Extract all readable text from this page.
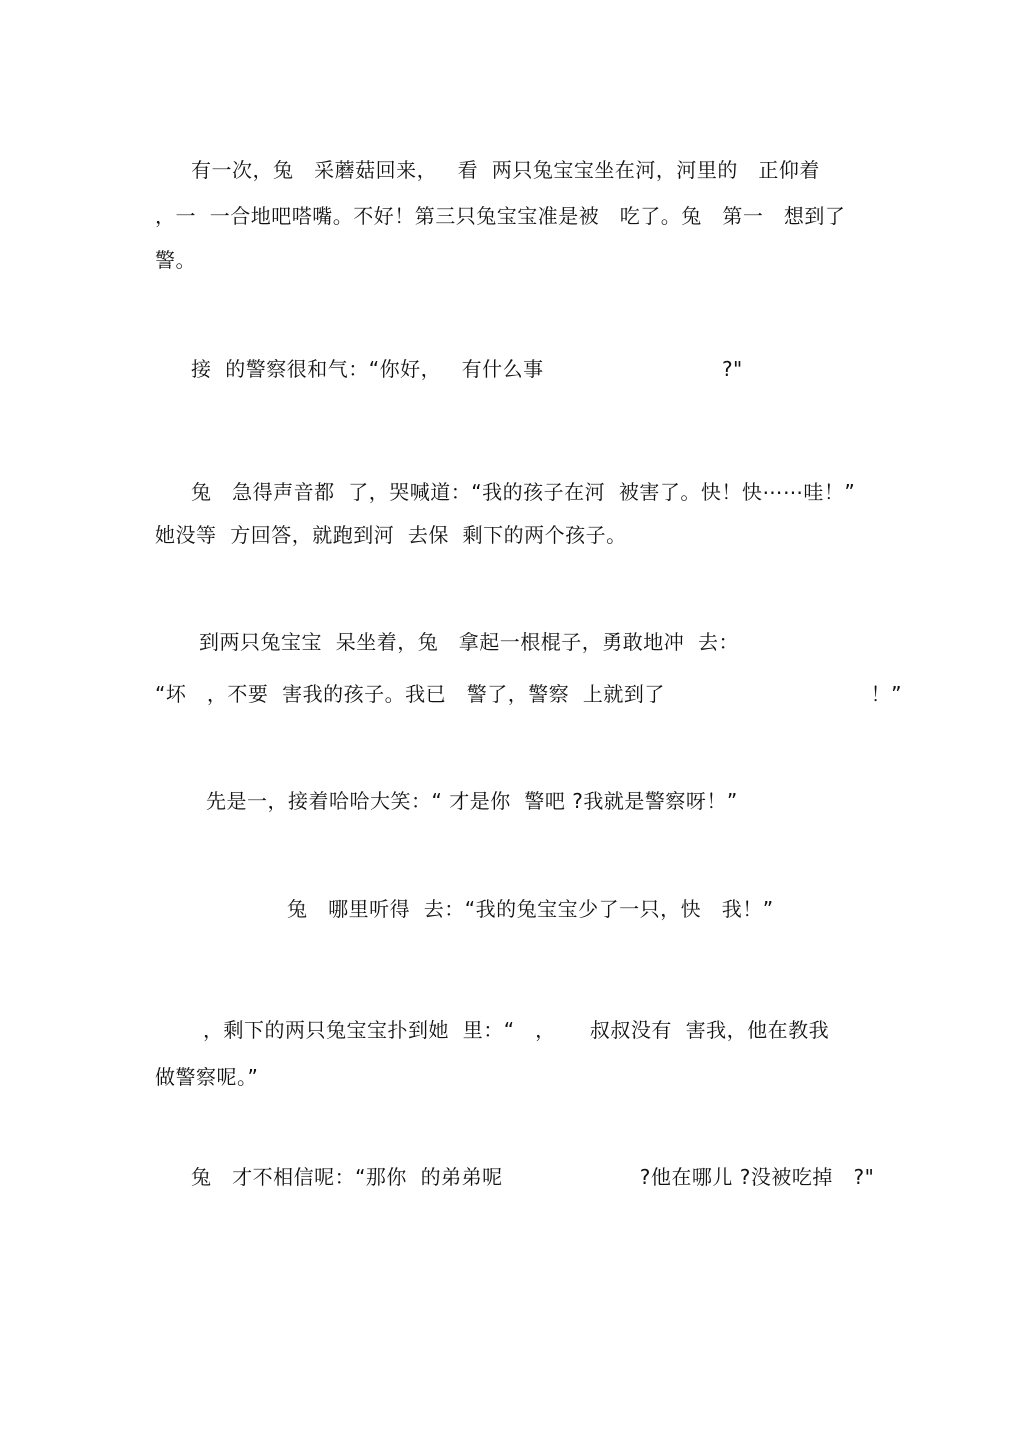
有一次，兔   采蘑菇回来，   看  两只兔宝宝坐在河，河里的   正仰着
，一  一合地吧嗒嘴。不好！第三只兔宝宝准是被   吃了。兔   第一   想到了
警。
接  的警察很和气：“你好，   有什么事                          ?"
兔   急得声音都  了，哭喊道：“我的孩子在河  被害了。快！快⋯⋯哇！”
她没等  方回答，就跑到河  去保  剩下的两个孩子。
到两只兔宝宝  呆坐着，兔   拿起一根棍子，勇敢地冲  去：
“坏   ，不要  害我的孩子。我已   警了，警察  上就到了                              ！”
先是一，接着哈哈大笑：“ 才是你  警吧 ?我就是警察呀！”
兔   哪里听得  去：“我的兔宝宝少了一只，快   我！”
，剩下的两只兔宝宝扑到她  里：“   ，     叔叔没有  害我，他在教我
做警察呢。”
兔   才不相信呢：“那你  的弟弟呢                    ?他在哪儿 ?没被吃掉   ?"
